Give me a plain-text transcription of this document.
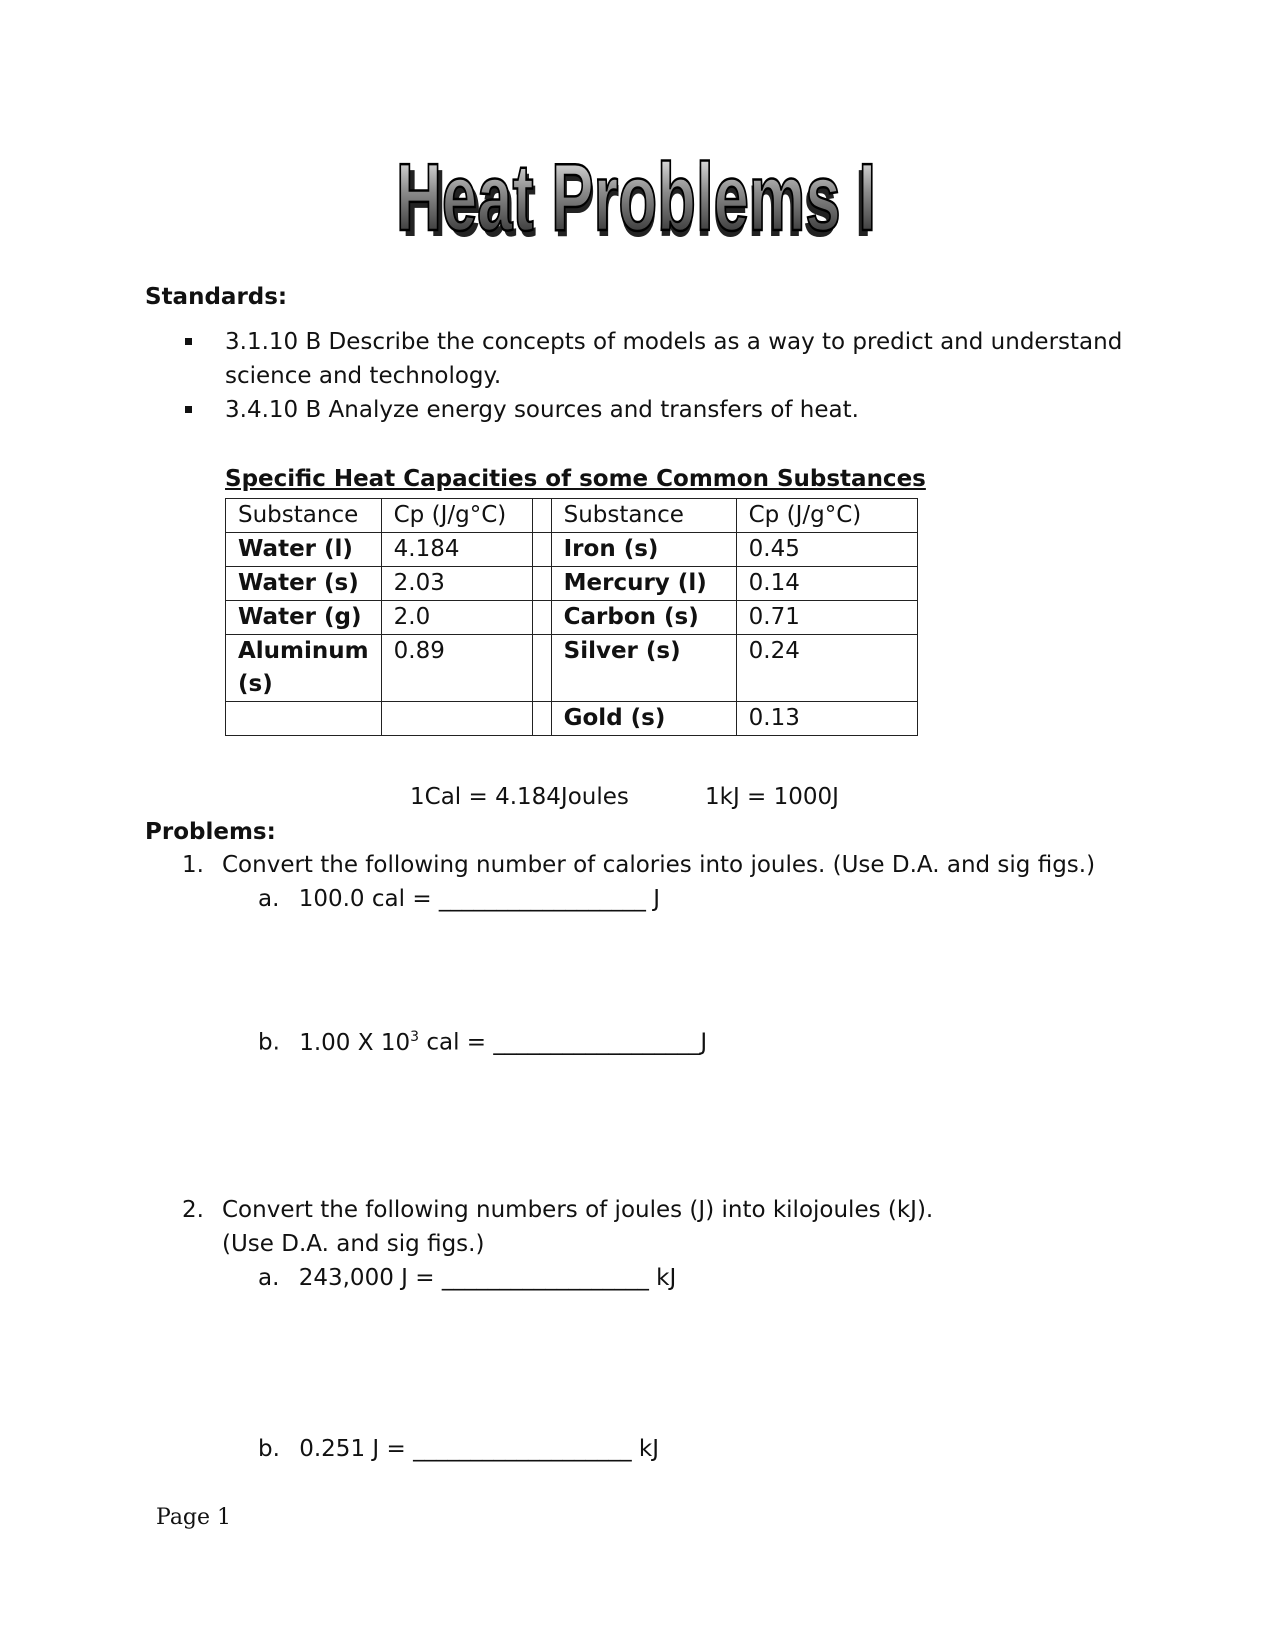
Heat Problems I
Heat Problems I
Standards:
3.1.10 B Describe the concepts of models as a way to predict and understand science and technology.
3.4.10 B Analyze energy sources and transfers of heat.
Specific Heat Capacities of some Common Substances
Substance	Cp (J/g°C)		Substance	Cp (J/g°C)
Water (l)	4.184		Iron (s)	0.45
Water (s)	2.03		Mercury (l)	0.14
Water (g)	2.0		Carbon (s)	0.71
Aluminum (s)	0.89		Silver (s)	0.24
			Gold (s)	0.13
1Cal = 4.184Joules	1kJ = 1000J
Problems:
1. Convert the following number of calories into joules. (Use D.A. and sig figs.)
a. 100.0 cal = __________________ J
b. 1.00 X $10^3$ cal = __________________J
2. Convert the following numbers of joules (J) into kilojoules (kJ).
(Use D.A. and sig figs.)
a. 243,000 J = __________________ kJ
b. 0.251 J = ___________________ kJ
Page 1
